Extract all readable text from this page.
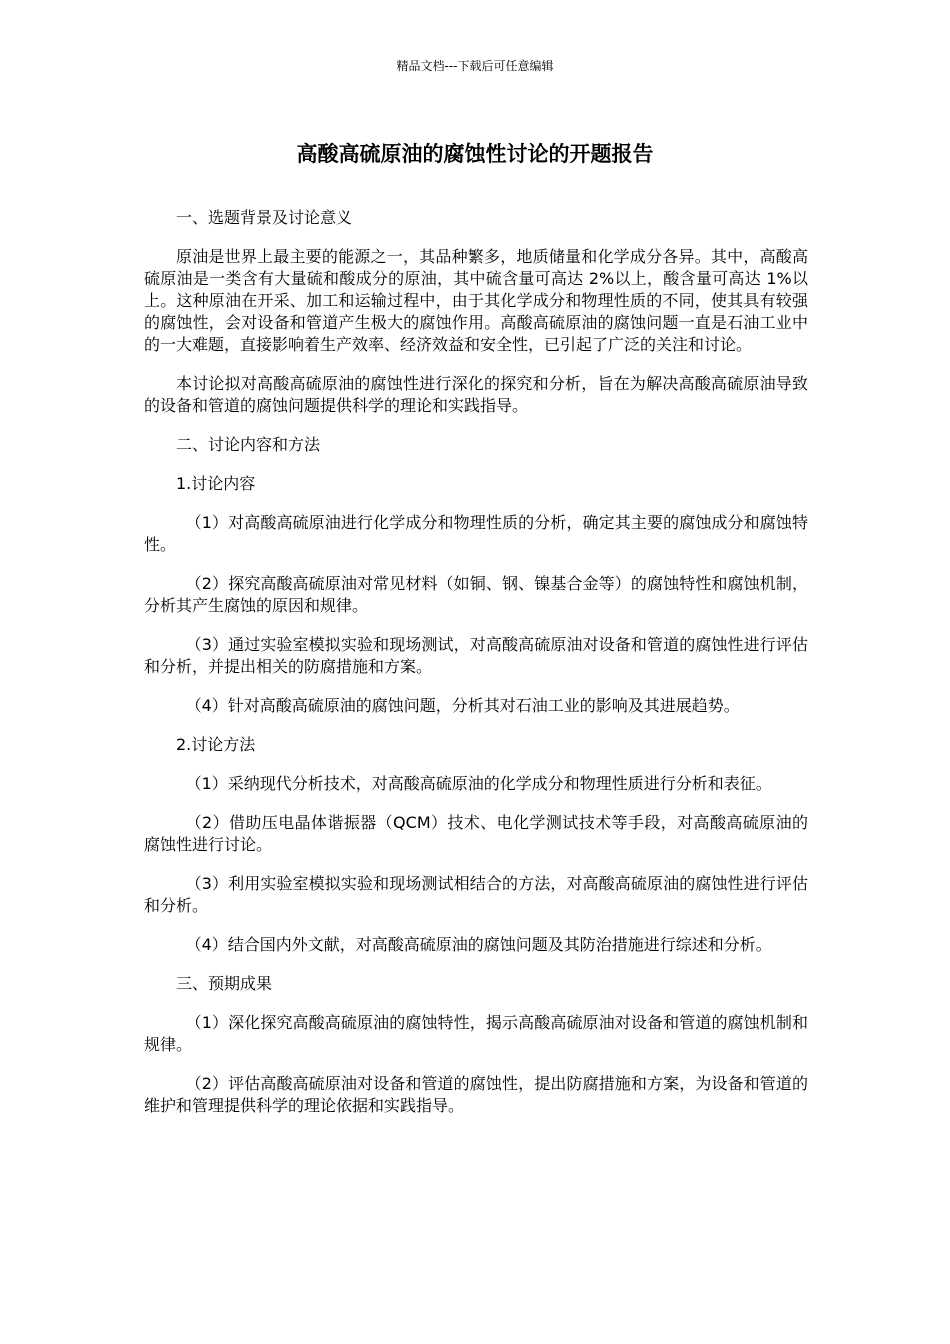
精品文档---下载后可任意编辑
高酸高硫原油的腐蚀性讨论的开题报告

一、选题背景及讨论意义

原油是世界上最主要的能源之一，其品种繁多，地质储量和化学成分各异。其中，高酸高硫原油是一类含有大量硫和酸成分的原油，其中硫含量可高达 2%以上，酸含量可高达 1%以上。这种原油在开采、加工和运输过程中，由于其化学成分和物理性质的不同，使其具有较强的腐蚀性，会对设备和管道产生极大的腐蚀作用。高酸高硫原油的腐蚀问题一直是石油工业中的一大难题，直接影响着生产效率、经济效益和安全性，已引起了广泛的关注和讨论。

本讨论拟对高酸高硫原油的腐蚀性进行深化的探究和分析，旨在为解决高酸高硫原油导致的设备和管道的腐蚀问题提供科学的理论和实践指导。

二、讨论内容和方法

1.讨论内容

（1）对高酸高硫原油进行化学成分和物理性质的分析，确定其主要的腐蚀成分和腐蚀特性。

（2）探究高酸高硫原油对常见材料（如铜、钢、镍基合金等）的腐蚀特性和腐蚀机制，分析其产生腐蚀的原因和规律。

（3）通过实验室模拟实验和现场测试，对高酸高硫原油对设备和管道的腐蚀性进行评估和分析，并提出相关的防腐措施和方案。

（4）针对高酸高硫原油的腐蚀问题，分析其对石油工业的影响及其进展趋势。

2.讨论方法

（1）采纳现代分析技术，对高酸高硫原油的化学成分和物理性质进行分析和表征。

（2）借助压电晶体谐振器（QCM）技术、电化学测试技术等手段，对高酸高硫原油的腐蚀性进行讨论。

（3）利用实验室模拟实验和现场测试相结合的方法，对高酸高硫原油的腐蚀性进行评估和分析。

（4）结合国内外文献，对高酸高硫原油的腐蚀问题及其防治措施进行综述和分析。

三、预期成果

（1）深化探究高酸高硫原油的腐蚀特性，揭示高酸高硫原油对设备和管道的腐蚀机制和规律。

（2）评估高酸高硫原油对设备和管道的腐蚀性，提出防腐措施和方案，为设备和管道的维护和管理提供科学的理论依据和实践指导。
